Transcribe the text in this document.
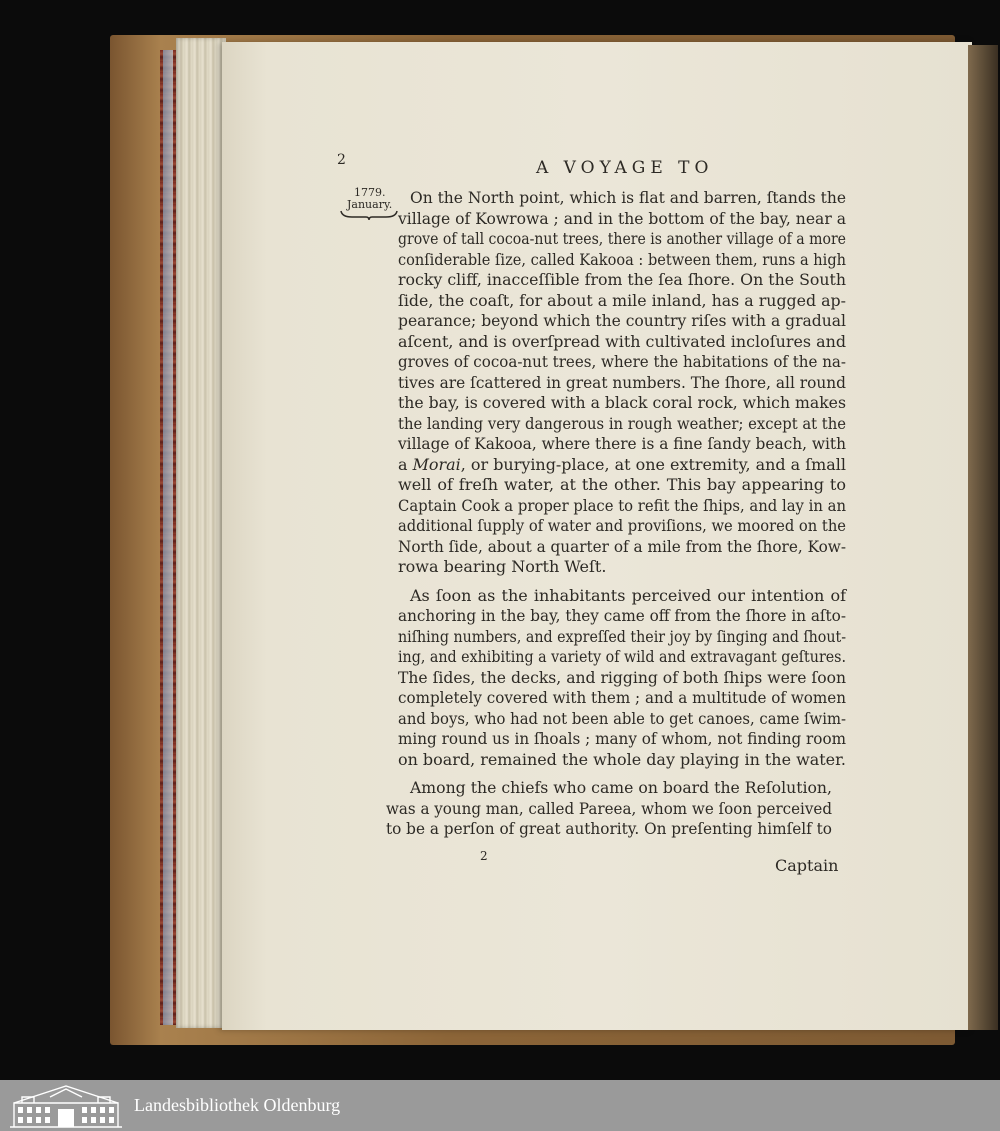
2	A VOYAGE TO
1779.
January. On the North point, which is flat and barren, ſtands the
village of Kowrowa ; and in the bottom of the bay, near a
grove of tall cocoa-nut trees, there is another village of a more
conſiderable ſize, called Kakooa : between them, runs a high
rocky cliff, inacceſſible from the ſea ſhore. On the South
ſide, the coaſt, for about a mile inland, has a rugged ap-
pearance; beyond which the country riſes with a gradual
aſcent, and is overſpread with cultivated incloſures and
groves of cocoa-nut trees, where the habitations of the na-
tives are ſcattered in great numbers. The ſhore, all round
the bay, is covered with a black coral rock, which makes
the landing very dangerous in rough weather; except at the
village of Kakooa, where there is a fine ſandy beach, with
a Morai, or burying-place, at one extremity, and a ſmall
well of freſh water, at the other. This bay appearing to
Captain Cook a proper place to refit the ſhips, and lay in an
additional ſupply of water and proviſions, we moored on the
North ſide, about a quarter of a mile from the ſhore, Kow-
rowa bearing North Weſt.
As ſoon as the inhabitants perceived our intention of
anchoring in the bay, they came off from the ſhore in aſto-
niſhing numbers, and expreſſed their joy by ſinging and ſhout-
ing, and exhibiting a variety of wild and extravagant geſtures.
The ſides, the decks, and rigging of both ſhips were ſoon
completely covered with them ; and a multitude of women
and boys, who had not been able to get canoes, came ſwim-
ming round us in ſhoals ; many of whom, not finding room
on board, remained the whole day playing in the water.
Among the chiefs who came on board the Reſolution,
was a young man, called Pareea, whom we ſoon perceived
to be a perſon of great authority. On preſenting himſelf to
2	Captain
Landesbibliothek Oldenburg
